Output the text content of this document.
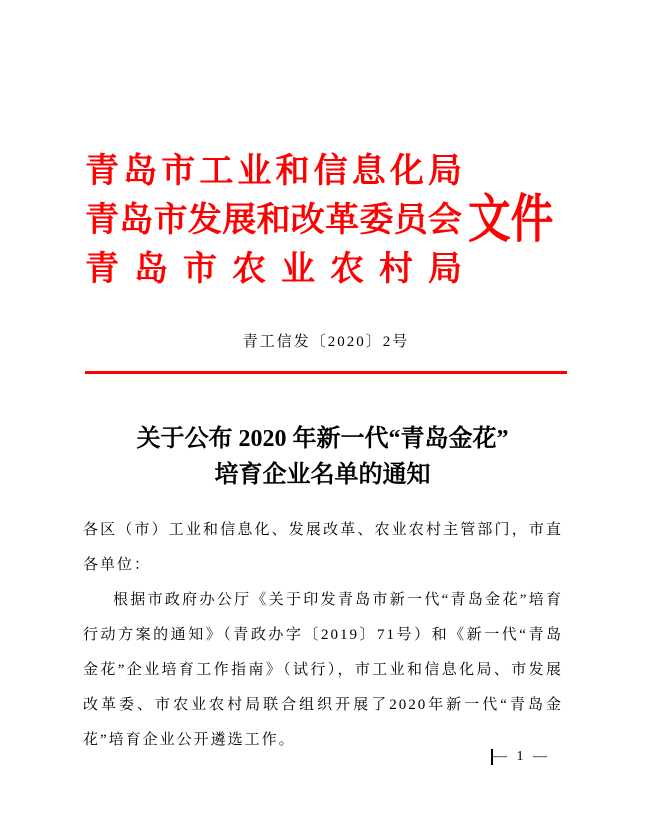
青岛市工业和信息化局
青岛市发展和改革委员会
青岛市农业农村局
文件
青工信发〔2020〕2号
关于公布 2020 年新一代“青岛金花”
培育企业名单的通知

各区（市）工业和信息化、发展改革、农业农村主管部门，市直各单位：

根据市政府办公厅《关于印发青岛市新一代“青岛金花”培育行动方案的通知》（青政办字〔2019〕71号）和《新一代“青岛金花”企业培育工作指南》（试行），市工业和信息化局、市发展改革委、市农业农村局联合组织开展了2020年新一代“青岛金花”培育企业公开遴选工作。

— 1 —
